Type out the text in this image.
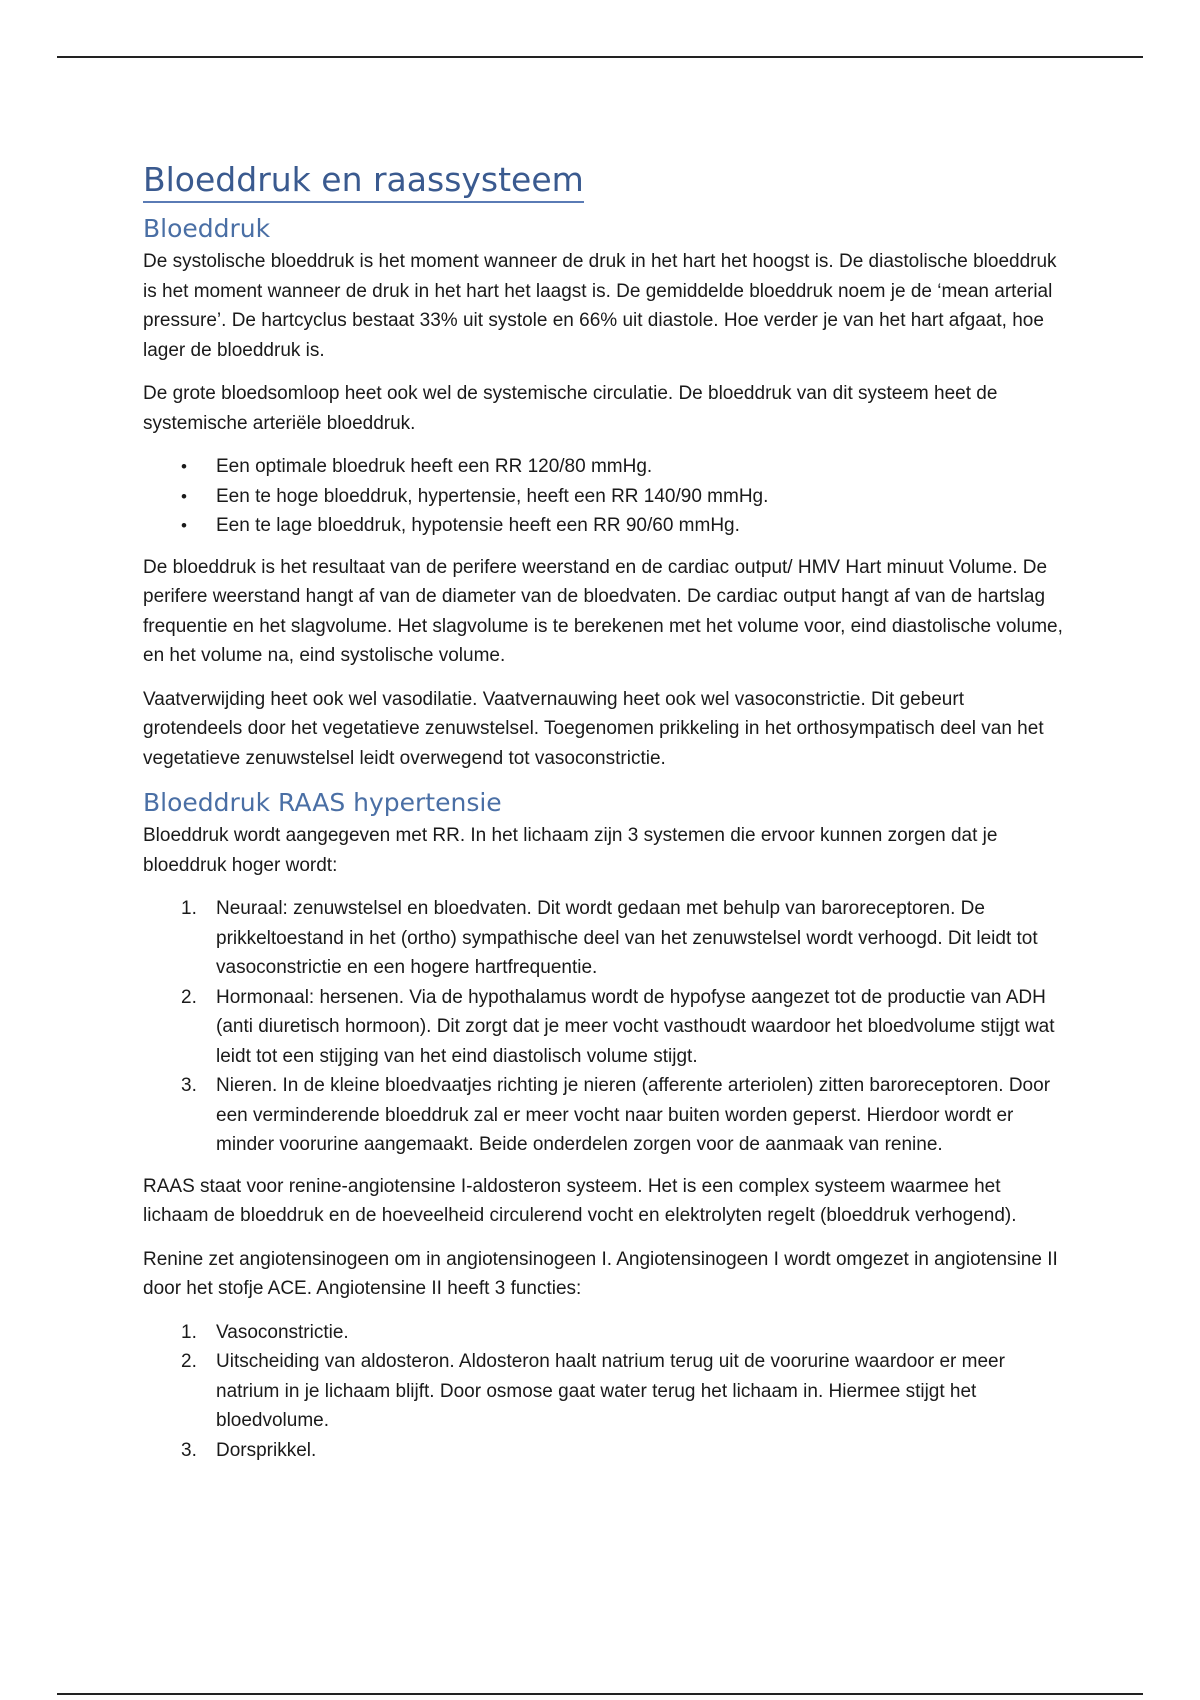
Bloeddruk en raassysteem
Bloeddruk

De systolische bloeddruk is het moment wanneer de druk in het hart het hoogst is. De diastolische bloeddruk is het moment wanneer de druk in het hart het laagst is. De gemiddelde bloeddruk noem je de ‘mean arterial pressure’. De hartcyclus bestaat 33% uit systole en 66% uit diastole. Hoe verder je van het hart afgaat, hoe lager de bloeddruk is.

De grote bloedsomloop heet ook wel de systemische circulatie. De bloeddruk van dit systeem heet de systemische arteriële bloeddruk.

• Een optimale bloedruk heeft een RR 120/80 mmHg.
• Een te hoge bloeddruk, hypertensie, heeft een RR 140/90 mmHg.
• Een te lage bloeddruk, hypotensie heeft een RR 90/60 mmHg.

De bloeddruk is het resultaat van de perifere weerstand en de cardiac output/ HMV Hart minuut Volume. De perifere weerstand hangt af van de diameter van de bloedvaten. De cardiac output hangt af van de hartslag frequentie en het slagvolume. Het slagvolume is te berekenen met het volume voor, eind diastolische volume, en het volume na, eind systolische volume.

Vaatverwijding heet ook wel vasodilatie. Vaatvernauwing heet ook wel vasoconstrictie. Dit gebeurt grotendeels door het vegetatieve zenuwstelsel. Toegenomen prikkeling in het orthosympatisch deel van het vegetatieve zenuwstelsel leidt overwegend tot vasoconstrictie.

Bloeddruk RAAS hypertensie

Bloeddruk wordt aangegeven met RR. In het lichaam zijn 3 systemen die ervoor kunnen zorgen dat je bloeddruk hoger wordt:

1. Neuraal: zenuwstelsel en bloedvaten. Dit wordt gedaan met behulp van baroreceptoren. De prikkeltoestand in het (ortho) sympathische deel van het zenuwstelsel wordt verhoogd. Dit leidt tot vasoconstrictie en een hogere hartfrequentie.
2. Hormonaal: hersenen. Via de hypothalamus wordt de hypofyse aangezet tot de productie van ADH (anti diuretisch hormoon). Dit zorgt dat je meer vocht vasthoudt waardoor het bloedvolume stijgt wat leidt tot een stijging van het eind diastolisch volume stijgt.
3. Nieren. In de kleine bloedvaatjes richting je nieren (afferente arteriolen) zitten baroreceptoren. Door een verminderende bloeddruk zal er meer vocht naar buiten worden geperst. Hierdoor wordt er minder voorurine aangemaakt. Beide onderdelen zorgen voor de aanmaak van renine.

RAAS staat voor renine-angiotensine I-aldosteron systeem. Het is een complex systeem waarmee het lichaam de bloeddruk en de hoeveelheid circulerend vocht en elektrolyten regelt (bloeddruk verhogend).

Renine zet angiotensinogeen om in angiotensinogeen I. Angiotensinogeen I wordt omgezet in angiotensine II door het stofje ACE. Angiotensine II heeft 3 functies:

1. Vasoconstrictie.
2. Uitscheiding van aldosteron. Aldosteron haalt natrium terug uit de voorurine waardoor er meer natrium in je lichaam blijft. Door osmose gaat water terug het lichaam in. Hiermee stijgt het bloedvolume.
3. Dorsprikkel.
